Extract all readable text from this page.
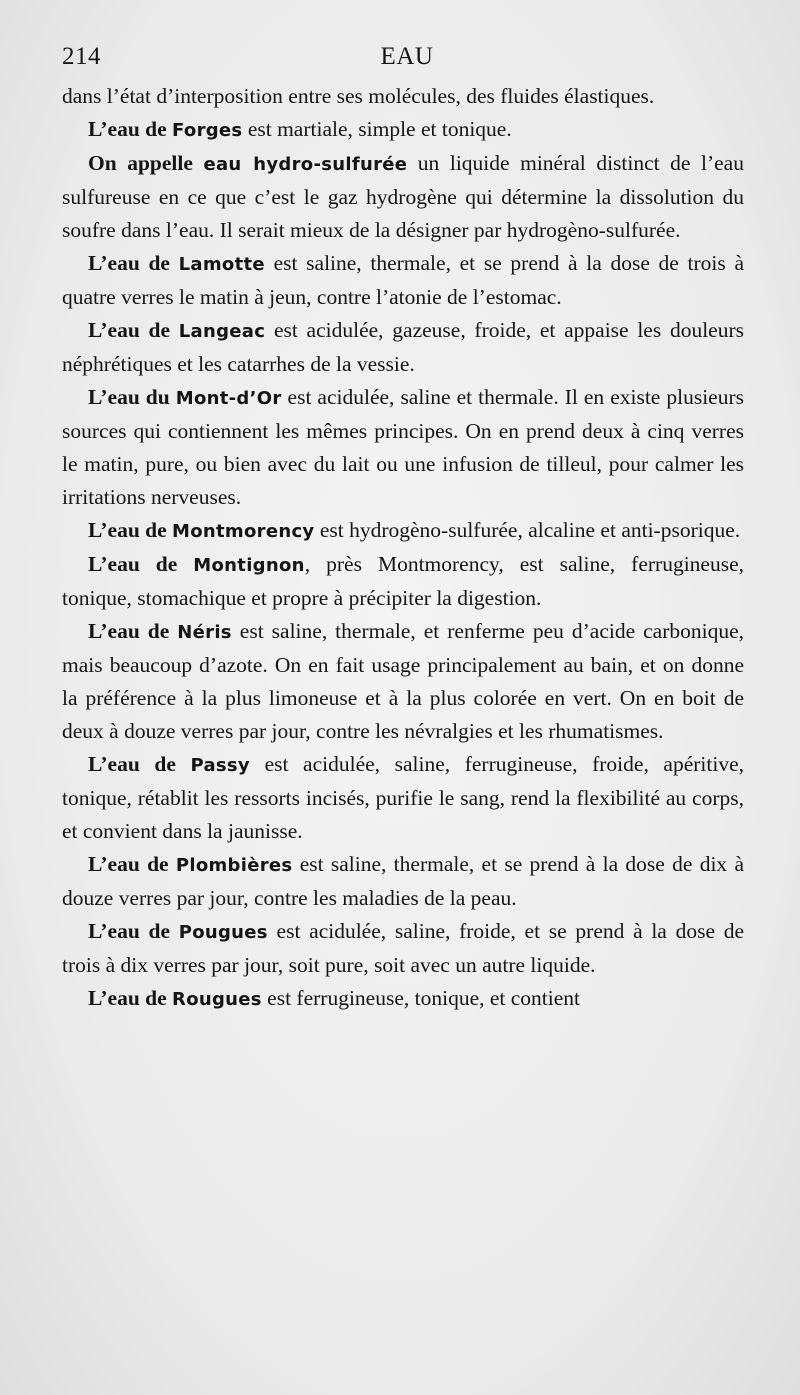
214	EAU

dans l’état d’interposition entre ses molécules, des fluides élastiques.

L’eau de Forges est martiale, simple et tonique.

On appelle eau hydro-sulfurée un liquide minéral distinct de l’eau sulfureuse en ce que c’est le gaz hydrogène qui détermine la dissolution du soufre dans l’eau. Il serait mieux de la désigner par hydrogèno-sulfurée.

L’eau de Lamotte est saline, thermale, et se prend à la dose de trois à quatre verres le matin à jeun, contre l’atonie de l’estomac.

L’eau de Langeac est acidulée, gazeuse, froide, et appaise les douleurs néphrétiques et les catarrhes de la vessie.

L’eau du Mont-d’Or est acidulée, saline et thermale. Il en existe plusieurs sources qui contiennent les mêmes principes. On en prend deux à cinq verres le matin, pure, ou bien avec du lait ou une infusion de tilleul, pour calmer les irritations nerveuses.

L’eau de Montmorency est hydrogèno-sulfurée, alcaline et anti-psorique.

L’eau de Montignon, près Montmorency, est saline, ferrugineuse, tonique, stomachique et propre à précipiter la digestion.

L’eau de Néris est saline, thermale, et renferme peu d’acide carbonique, mais beaucoup d’azote. On en fait usage principalement au bain, et on donne la préférence à la plus limoneuse et à la plus colorée en vert. On en boit de deux à douze verres par jour, contre les névralgies et les rhumatismes.

L’eau de Passy est acidulée, saline, ferrugineuse, froide, apéritive, tonique, rétablit les ressorts incisés, purifie le sang, rend la flexibilité au corps, et convient dans la jaunisse.

L’eau de Plombières est saline, thermale, et se prend à la dose de dix à douze verres par jour, contre les maladies de la peau.

L’eau de Pougues est acidulée, saline, froide, et se prend à la dose de trois à dix verres par jour, soit pure, soit avec un autre liquide.

L’eau de Rougues est ferrugineuse, tonique, et contient
